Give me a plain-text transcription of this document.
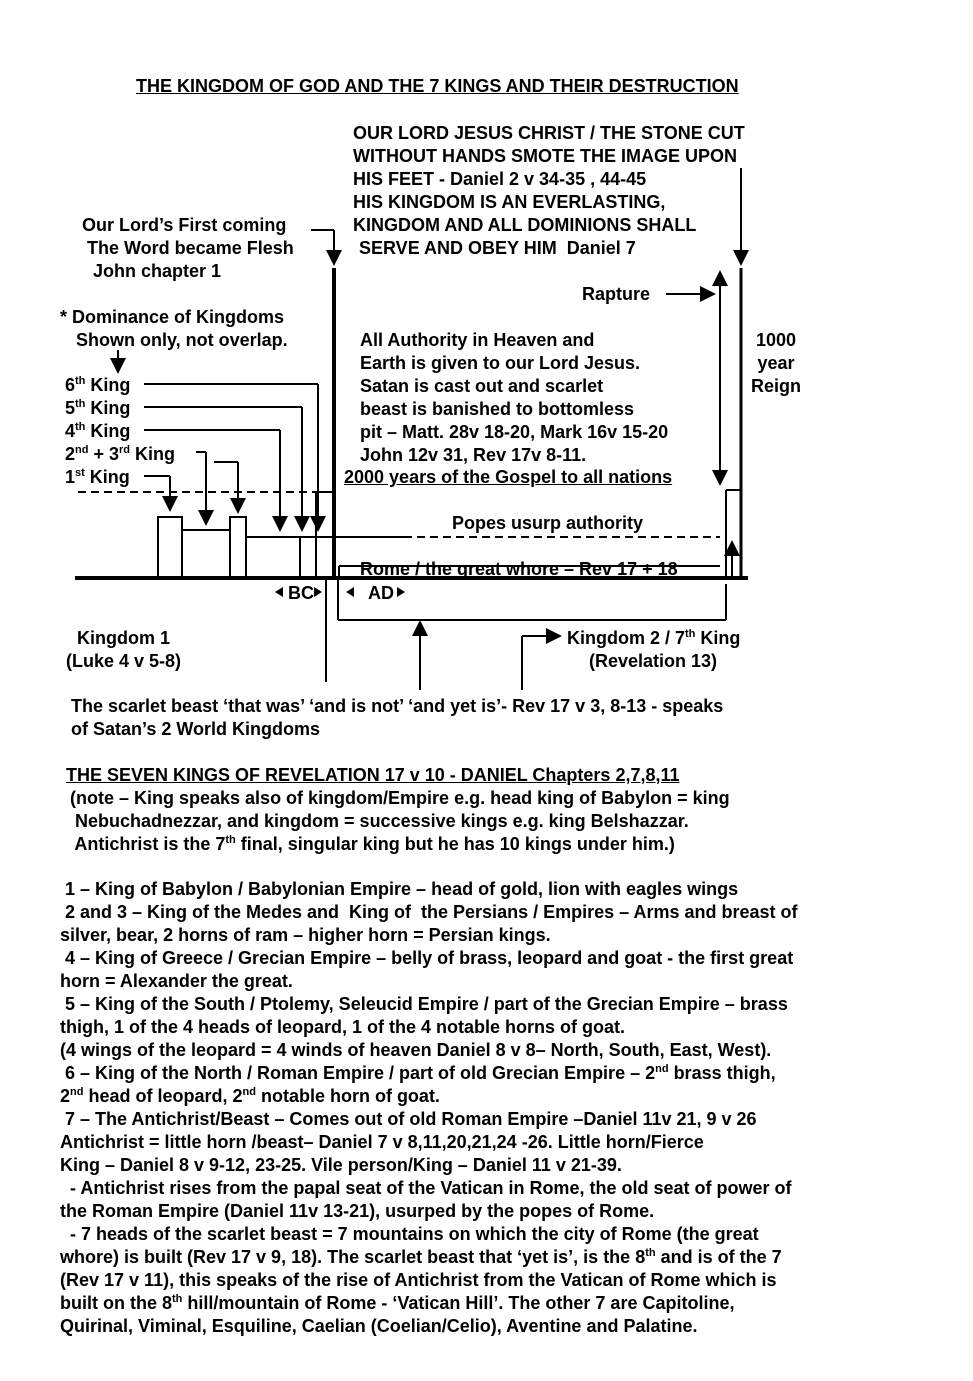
THE KINGDOM OF GOD AND THE 7 KINGS AND THEIR DESTRUCTION
OUR LORD JESUS CHRIST / THE STONE CUT
WITHOUT HANDS SMOTE THE IMAGE UPON
HIS FEET - Daniel 2 v 34-35 , 44-45
HIS KINGDOM IS AN EVERLASTING,
KINGDOM AND ALL DOMINIONS SHALL
SERVE AND OBEY HIM  Daniel 7
Our Lord’s First coming
The Word became Flesh
John chapter 1
Rapture
* Dominance of Kingdoms
Shown only, not overlap.
6th King
5th King
4th King
2nd + 3rd King
1st King
All Authority in Heaven and
Earth is given to our Lord Jesus.
Satan is cast out and scarlet
beast is banished to bottomless
pit – Matt. 28v 18-20, Mark 16v 15-20
John 12v 31, Rev 17v 8-11.
2000 years of the Gospel to all nations
1000
year
Reign
Popes usurp authority
Rome / the great whore – Rev 17 + 18
BC	AD
Kingdom 1
(Luke 4 v 5-8)
Kingdom 2 / 7th King
(Revelation 13)
The scarlet beast ‘that was’ ‘and is not’ ‘and yet is’- Rev 17 v 3, 8-13 - speaks
of Satan’s 2 World Kingdoms
THE SEVEN KINGS OF REVELATION 17 v 10 - DANIEL Chapters 2,7,8,11
(note – King speaks also of kingdom/Empire e.g. head king of Babylon = king
Nebuchadnezzar, and kingdom = successive kings e.g. king Belshazzar.
Antichrist is the 7th final, singular king but he has 10 kings under him.)

1 – King of Babylon / Babylonian Empire – head of gold, lion with eagles wings

2 and 3 – King of the Medes and  King of  the Persians / Empires – Arms and breast of

silver, bear, 2 horns of ram – higher horn = Persian kings.

4 – King of Greece / Grecian Empire – belly of brass, leopard and goat - the first great

horn = Alexander the great.

5 – King of the South / Ptolemy, Seleucid Empire / part of the Grecian Empire – brass

thigh, 1 of the 4 heads of leopard, 1 of the 4 notable horns of goat.

(4 wings of the leopard = 4 winds of heaven Daniel 8 v 8– North, South, East, West).

6 – King of the North / Roman Empire / part of old Grecian Empire – 2nd brass thigh,

2nd head of leopard, 2nd notable horn of goat.

7 – The Antichrist/Beast – Comes out of old Roman Empire –Daniel 11v 21, 9 v 26

Antichrist = little horn /beast– Daniel 7 v 8,11,20,21,24 -26. Little horn/Fierce

King – Daniel 8 v 9-12, 23-25. Vile person/King – Daniel 11 v 21-39.

- Antichrist rises from the papal seat of the Vatican in Rome, the old seat of power of

the Roman Empire (Daniel 11v 13-21), usurped by the popes of Rome.

- 7 heads of the scarlet beast = 7 mountains on which the city of Rome (the great

whore) is built (Rev 17 v 9, 18). The scarlet beast that ‘yet is’, is the 8th and is of the 7

(Rev 17 v 11), this speaks of the rise of Antichrist from the Vatican of Rome which is

built on the 8th hill/mountain of Rome - ‘Vatican Hill’. The other 7 are Capitoline,

Quirinal, Viminal, Esquiline, Caelian (Coelian/Celio), Aventine and Palatine.
